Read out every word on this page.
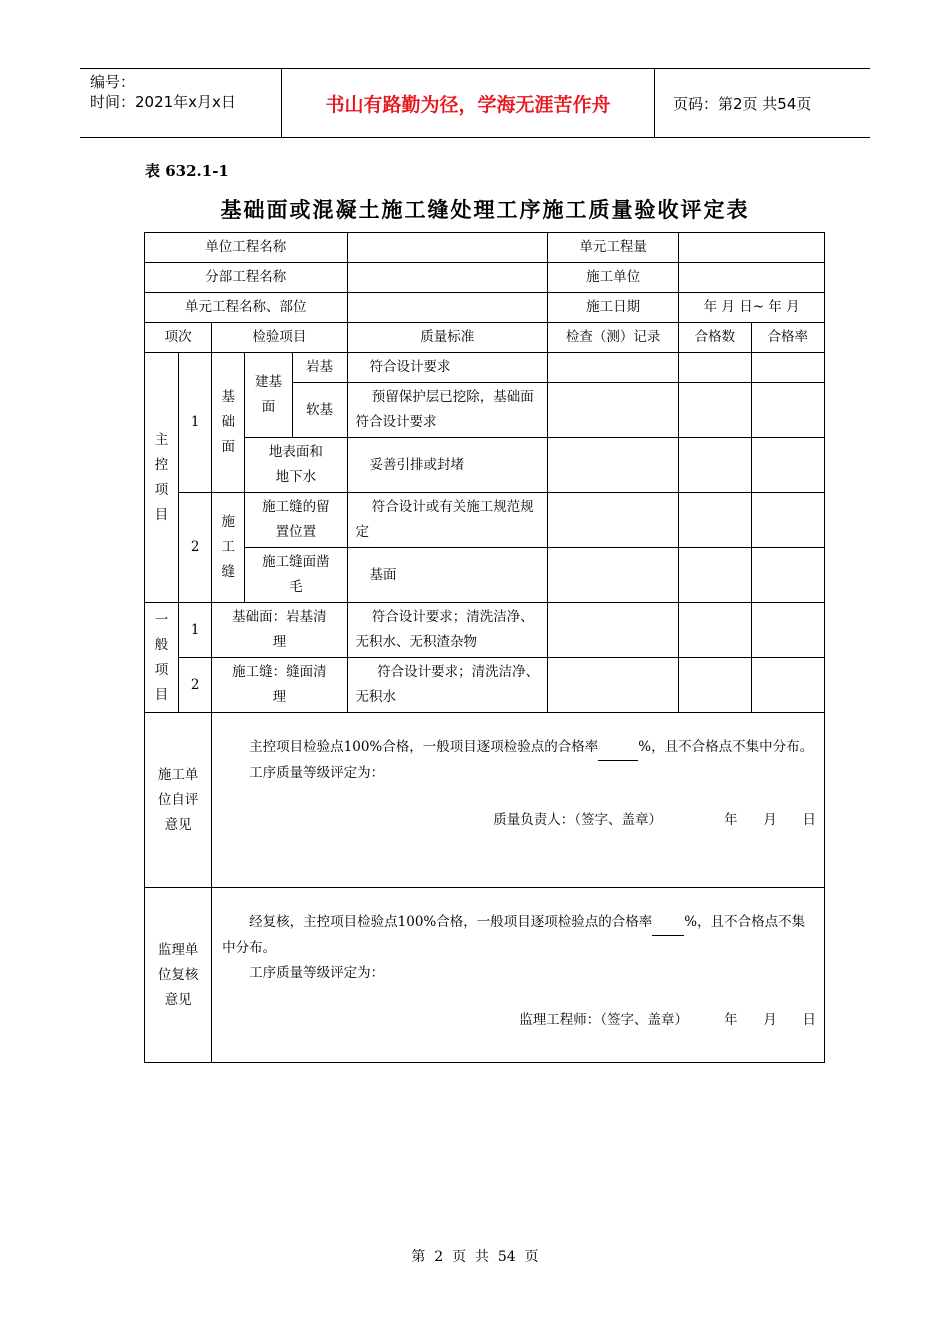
编号：
时间：2021年x月x日	书山有路勤为径，学海无涯苦作舟	页码：第2页 共54页
表 632.1-1
基础面或混凝土施工缝处理工序施工质量验收评定表
单位工程名称						单元工程量		
分部工程名称						施工单位		
单元工程名称、部位						施工日期	年 月 日~ 年 月	
项次		检验项目			质量标准	检查（测）记录	合格数	合格率
主控项目	1	基础面	建基面	岩基	符合设计要求			
				软基	预留保护层已挖除，基础面符合设计要求			

			地表面和地下水		妥善引排或封堵			
	2	施工缝	施工缝的留置位置		符合设计或有关施工规范规定			

			施工缝面凿毛		基面			
一般项目	1	基础面：岩基清理			符合设计要求；清洗洁净、无积水、无积渣杂物			

	2	施工缝：缝面清理			符合设计要求；清洗洁净、无积水			

施工单位自评意见		主控项目检验点100%合格，一般项目逐项检验点的合格率 %，且不合格点不集中分布。

工序质量等级评定为：

质量负责人：（签字、盖章） 年      月      日						

监理单位复核意见		经复核，主控项目检验点100%合格，一般项目逐项检验点的合格率 %，且不合格点不集中分布。

工序质量等级评定为：

监理工程师：（签字、盖章） 年      月      日						

第  2  页  共  54  页
